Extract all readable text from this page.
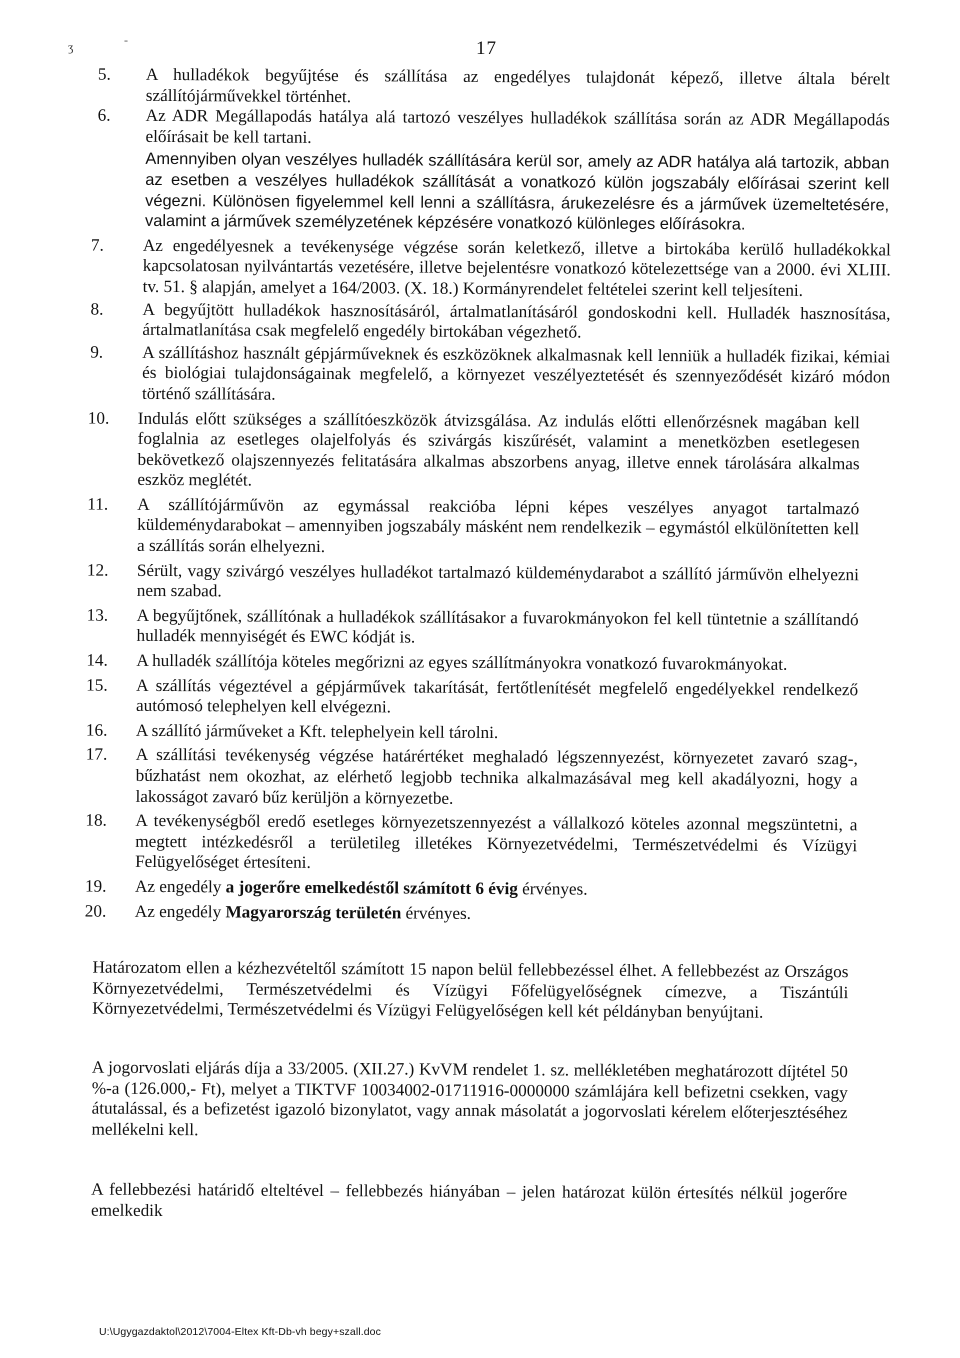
ʒ	-	17
5. A hulladékok begyűjtése és szállítása az engedélyes tulajdonát képező, illetve általa bérelt szállítójárművekkel történhet.
6. Az ADR Megállapodás hatálya alá tartozó veszélyes hulladékok szállítása során az ADR Megállapodás előírásait be kell tartani.
Amennyiben olyan veszélyes hulladék szállítására kerül sor, amely az ADR hatálya alá tartozik, abban az esetben a veszélyes hulladékok szállítását a vonatkozó külön jogszabály előírásai szerint kell végezni. Különösen figyelemmel kell lenni a szállításra, árukezelésre és a járművek üzemeltetésére, valamint a járművek személyzetének képzésére vonatkozó különleges előírásokra.
7. Az engedélyesnek a tevékenysége végzése során keletkező, illetve a birtokába kerülő hulladékokkal kapcsolatosan nyilvántartás vezetésére, illetve bejelentésre vonatkozó kötelezettsége van a 2000. évi XLIII. tv. 51. § alapján, amelyet a 164/2003. (X. 18.) Kormányrendelet feltételei szerint kell teljesíteni.
8. A begyűjtött hulladékok hasznosításáról, ártalmatlanításáról gondoskodni kell. Hulladék hasznosítása, ártalmatlanítása csak megfelelő engedély birtokában végezhető.
9. A szállításhoz használt gépjárműveknek és eszközöknek alkalmasnak kell lenniük a hulladék fizikai, kémiai és biológiai tulajdonságainak megfelelő, a környezet veszélyeztetését és szennyeződését kizáró módon történő szállítására.
10. Indulás előtt szükséges a szállítóeszközök átvizsgálása. Az indulás előtti ellenőrzésnek magában kell foglalnia az esetleges olajelfolyás és szivárgás kiszűrését, valamint a menetközben esetlegesen bekövetkező olajszennyezés felitatására alkalmas abszorbens anyag, illetve ennek tárolására alkalmas eszköz meglétét.
11. A szállítójárművön az egymással reakcióba lépni képes veszélyes anyagot tartalmazó küldeménydarabokat – amennyiben jogszabály másként nem rendelkezik – egymástól elkülönítetten kell a szállítás során elhelyezni.
12. Sérült, vagy szivárgó veszélyes hulladékot tartalmazó küldeménydarabot a szállító járművön elhelyezni nem szabad.
13. A begyűjtőnek, szállítónak a hulladékok szállításakor a fuvarokmányokon fel kell tüntetnie a szállítandó hulladék mennyiségét és EWC kódját is.
14. A hulladék szállítója köteles megőrizni az egyes szállítmányokra vonatkozó fuvarokmányokat.
15. A szállítás végeztével a gépjárművek takarítását, fertőtlenítését megfelelő engedélyekkel rendelkező autómosó telephelyen kell elvégezni.
16. A szállító járműveket a Kft. telephelyein kell tárolni.
17. A szállítási tevékenység végzése határértéket meghaladó légszennyezést, környezetet zavaró szag-, bűzhatást nem okozhat, az elérhető legjobb technika alkalmazásával meg kell akadályozni, hogy a lakosságot zavaró bűz kerüljön a környezetbe.
18. A tevékenységből eredő esetleges környezetszennyezést a vállalkozó köteles azonnal megszüntetni, a megtett intézkedésről a területileg illetékes Környezetvédelmi, Természetvédelmi és Vízügyi Felügyelőséget értesíteni.
19. Az engedély a jogerőre emelkedéstől számított 6 évig érvényes.
20. Az engedély Magyarország területén érvényes.

Határozatom ellen a kézhezvételtől számított 15 napon belül fellebbezéssel élhet. A fellebbezést az Országos Környezetvédelmi, Természetvédelmi és Vízügyi Főfelügyelőségnek címezve, a Tiszántúli Környezetvédelmi, Természetvédelmi és Vízügyi Felügyelőségen kell két példányban benyújtani.

A jogorvoslati eljárás díja a 33/2005. (XII.27.) KvVM rendelet 1. sz. mellékletében meghatározott díjtétel 50 %-a (126.000,- Ft), melyet a TIKTVF 10034002-01711916-0000000 számlájára kell befizetni csekken, vagy átutalással, és a befizetést igazoló bizonylatot, vagy annak másolatát a jogorvoslati kérelem előterjesztéséhez mellékelni kell.

A fellebbezési határidő elteltével – fellebbezés hiányában – jelen határozat külön értesítés nélkül jogerőre emelkedik

U:\Ugygazdaktol\2012\7004-Eltex Kft-Db-vh begy+szall.doc
